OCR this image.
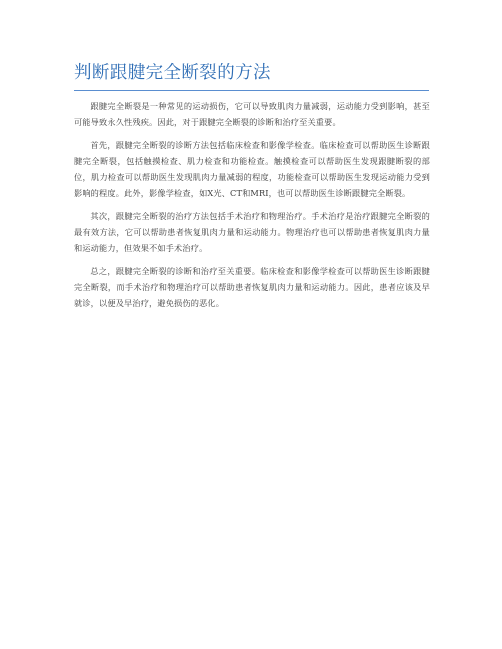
判断跟腱完全断裂的方法

跟腱完全断裂是一种常见的运动损伤，它可以导致肌肉力量减弱，运动能力受到影响，甚至可能导致永久性残疾。因此，对于跟腱完全断裂的诊断和治疗至关重要。

首先，跟腱完全断裂的诊断方法包括临床检查和影像学检查。临床检查可以帮助医生诊断跟腱完全断裂，包括触摸检查、肌力检查和功能检查。触摸检查可以帮助医生发现跟腱断裂的部位，肌力检查可以帮助医生发现肌肉力量减弱的程度，功能检查可以帮助医生发现运动能力受到影响的程度。此外，影像学检查，如X光、CT和MRI，也可以帮助医生诊断跟腱完全断裂。

其次，跟腱完全断裂的治疗方法包括手术治疗和物理治疗。手术治疗是治疗跟腱完全断裂的最有效方法，它可以帮助患者恢复肌肉力量和运动能力。物理治疗也可以帮助患者恢复肌肉力量和运动能力，但效果不如手术治疗。

总之，跟腱完全断裂的诊断和治疗至关重要。临床检查和影像学检查可以帮助医生诊断跟腱完全断裂，而手术治疗和物理治疗可以帮助患者恢复肌肉力量和运动能力。因此，患者应该及早就诊，以便及早治疗，避免损伤的恶化。
